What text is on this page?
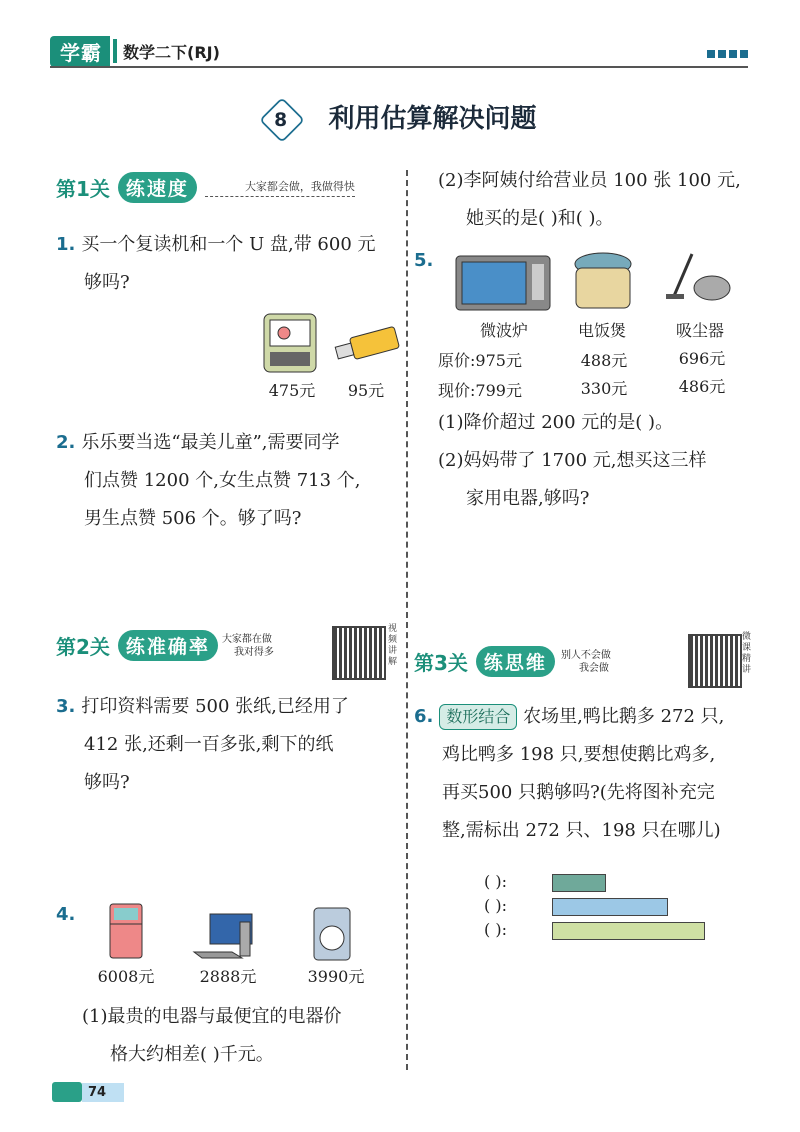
学霸	数学二下(RJ)
8 利用估算解决问题
第1关 练速度	大家都会做，我做得快
1. 买一个复读机和一个 U 盘,带 600 元
够吗?
475元	95元
2. 乐乐要当选“最美儿童”,需要同学
们点赞 1200 个,女生点赞 713 个,
男生点赞 506 个。够了吗?
第2关 练准确率	大家都在做
我对得多
视频讲解
3. 打印资料需要 500 张纸,已经用了
412 张,还剩一百多张,剩下的纸
够吗?
4.
6008元	2888元	3990元
(1)最贵的电器与最便宜的电器价
格大约相差( )千元。
(2)李阿姨付给营业员 100 张 100 元,
她买的是( )和( )。
5.
微波炉	电饭煲	吸尘器
原价:975元	488元	696元
现价:799元	330元	486元
(1)降价超过 200 元的是( )。
(2)妈妈带了 1700 元,想买这三样
家用电器,够吗?
第3关 练思维	别人不会做
我会做
微课精讲
6. 数形结合 农场里,鸭比鹅多 272 只,
鸡比鸭多 198 只,要想使鹅比鸡多,
再买500 只鹅够吗?(先将图补充完
整,需标出 272 只、198 只在哪儿)
( ):
( ):
( ):
74
